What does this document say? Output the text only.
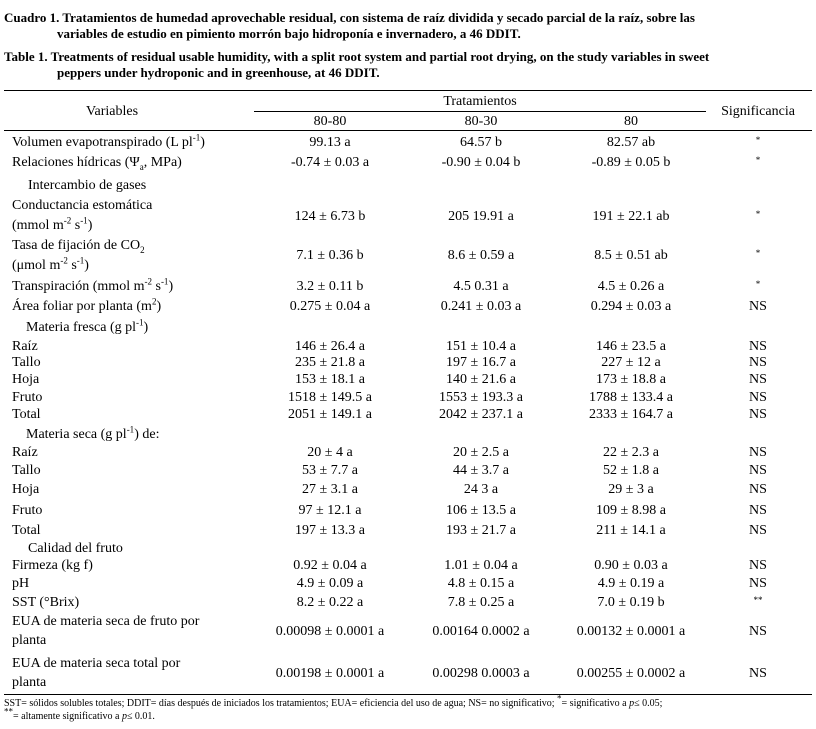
Cuadro 1. Tratamientos de humedad aprovechable residual, con sistema de raíz dividida y secado parcial de la raíz, sobre las
variables de estudio en pimiento morrón bajo hidroponía e invernadero, a 46 DDIT.
Table 1. Treatments of residual usable humidity, with a split root system and partial root drying, on the study variables in sweet
peppers under hydroponic and in greenhouse, at 46 DDIT.
Variables
Tratamientos
Significancia
80-80	80-30	80
Volumen evapotranspirado (L $pl^{-1}$)	99.13 a	64.57 b	82.57 ab	*
Relaciones hídricas ($\Psi_a$, MPa)	-0.74 ± 0.03 a	-0.90 ± 0.04 b	-0.89 ± 0.05 b	*
Intercambio de gases
Conductancia estomática
(mmol $m^{-2}$ $s^{-1}$)
124 ± 6.73 b	205 19.91 a	191 ± 22.1 ab	*
Tasa de fijación de $CO_2$
(μmol $m^{-2}$ $s^{-1}$)
7.1 ± 0.36 b	8.6 ± 0.59 a	8.5 ± 0.51 ab	*
Transpiración (mmol $m^{-2}$ $s^{-1}$)	3.2 ± 0.11 b	4.5 0.31 a	4.5 ± 0.26 a	*
Área foliar por planta $(m^2)$	0.275 ± 0.04 a	0.241 ± 0.03 a	0.294 ± 0.03 a	NS
Materia fresca (g $pl^{-1}$)
Raíz	146 ± 26.4 a	151 ± 10.4 a	146 ± 23.5 a	NS
Tallo	235 ± 21.8 a	197 ± 16.7 a	227 ± 12 a	NS
Hoja	153 ± 18.1 a	140 ± 21.6 a	173 ± 18.8 a	NS
Fruto	1518 ± 149.5 a	1553 ± 193.3 a	1788 ± 133.4 a	NS
Total	2051 ± 149.1 a	2042 ± 237.1 a	2333 ± 164.7 a	NS
Materia seca (g $pl^{-1}$) de:
Raíz	20 ± 4 a	20 ± 2.5 a	22 ± 2.3 a	NS
Tallo	53 ± 7.7 a	44 ± 3.7 a	52 ± 1.8 a	NS
Hoja	27 ± 3.1 a	24 3 a	29 ± 3 a	NS
Fruto	97 ± 12.1 a	106 ± 13.5 a	109 ± 8.98 a	NS
Total	197 ± 13.3 a	193 ± 21.7 a	211 ± 14.1 a	NS
Calidad del fruto
Firmeza (kg f)	0.92 ± 0.04 a	1.01 ± 0.04 a	0.90 ± 0.03 a	NS
pH	4.9 ± 0.09 a	4.8 ± 0.15 a	4.9 ± 0.19 a	NS
SST (°Brix)	8.2 ± 0.22 a	7.8 ± 0.25 a	7.0 ± 0.19 b	**
EUA de materia seca de fruto por
planta
0.00098 ± 0.0001 a	0.00164 0.0002 a	0.00132 ± 0.0001 a	NS
EUA de materia seca total por
planta
0.00198 ± 0.0001 a	0.00298 0.0003 a	0.00255 ± 0.0002 a	NS
SST= sólidos solubles totales; DDIT= días después de iniciados los tratamientos; EUA= eficiencia del uso de agua; NS= no significativo; *= significativo a p≤ 0.05;
**= altamente significativo a p≤ 0.01.
